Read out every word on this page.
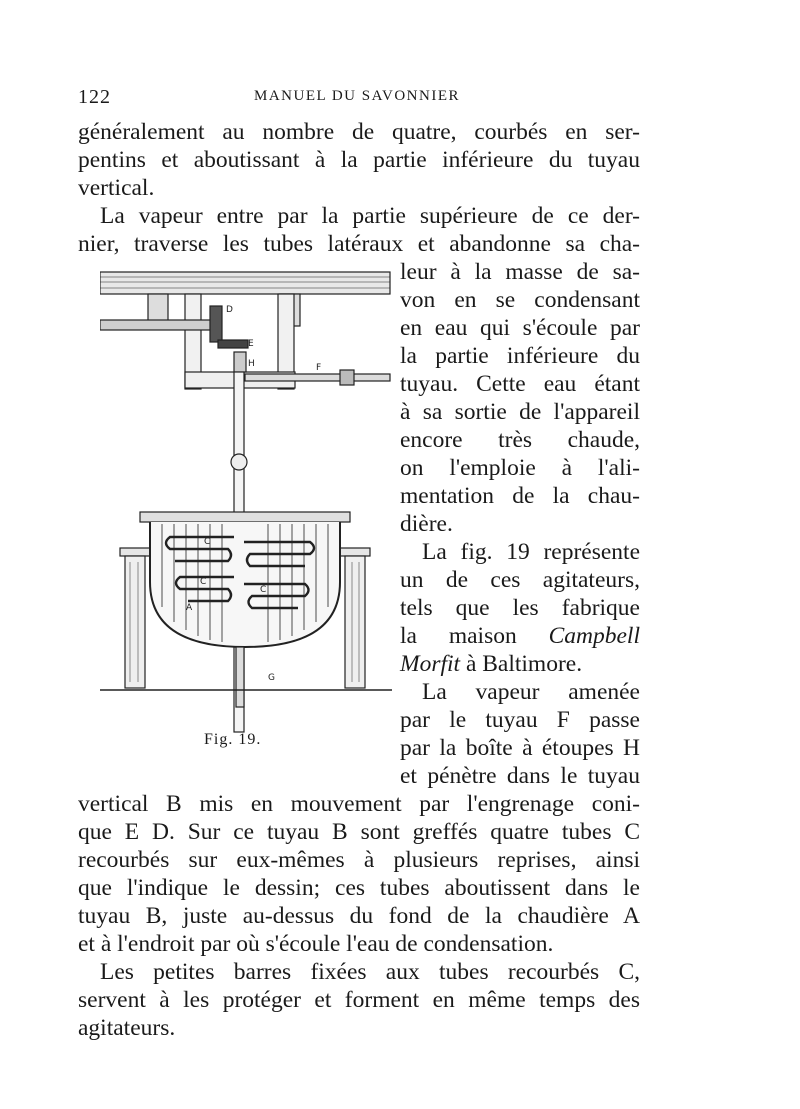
122	MANUEL DU SAVONNIER
généralement au nombre de quatre, courbés en ser-
pentins et aboutissant à la partie inférieure du tuyau
vertical.
La vapeur entre par la partie supérieure de ce der-
nier, traverse les tubes latéraux et abandonne sa cha-
leur à la masse de sa-
von en se condensant
en eau qui s'écoule par
la partie inférieure du
tuyau. Cette eau étant
à sa sortie de l'appareil
encore très chaude,
on l'emploie à l'ali-
mentation de la chau-
dière.
La fig. 19 représente
un de ces agitateurs,
tels que les fabrique
la maison Campbell
Morfit à Baltimore.
La vapeur amenée
par le tuyau F passe
par la boîte à étoupes H
et pénètre dans le tuyau
vertical B mis en mouvement par l'engrenage coni-
que E D. Sur ce tuyau B sont greffés quatre tubes C
recourbés sur eux-mêmes à plusieurs reprises, ainsi
que l'indique le dessin; ces tubes aboutissent dans le
tuyau B, juste au-dessus du fond de la chaudière A
et à l'endroit par où s'écoule l'eau de condensation.
Les petites barres fixées aux tubes recourbés C,
servent à les protéger et forment en même temps des
agitateurs.
D
E
H	F
C
C
A
C
G
Fig. 19.
